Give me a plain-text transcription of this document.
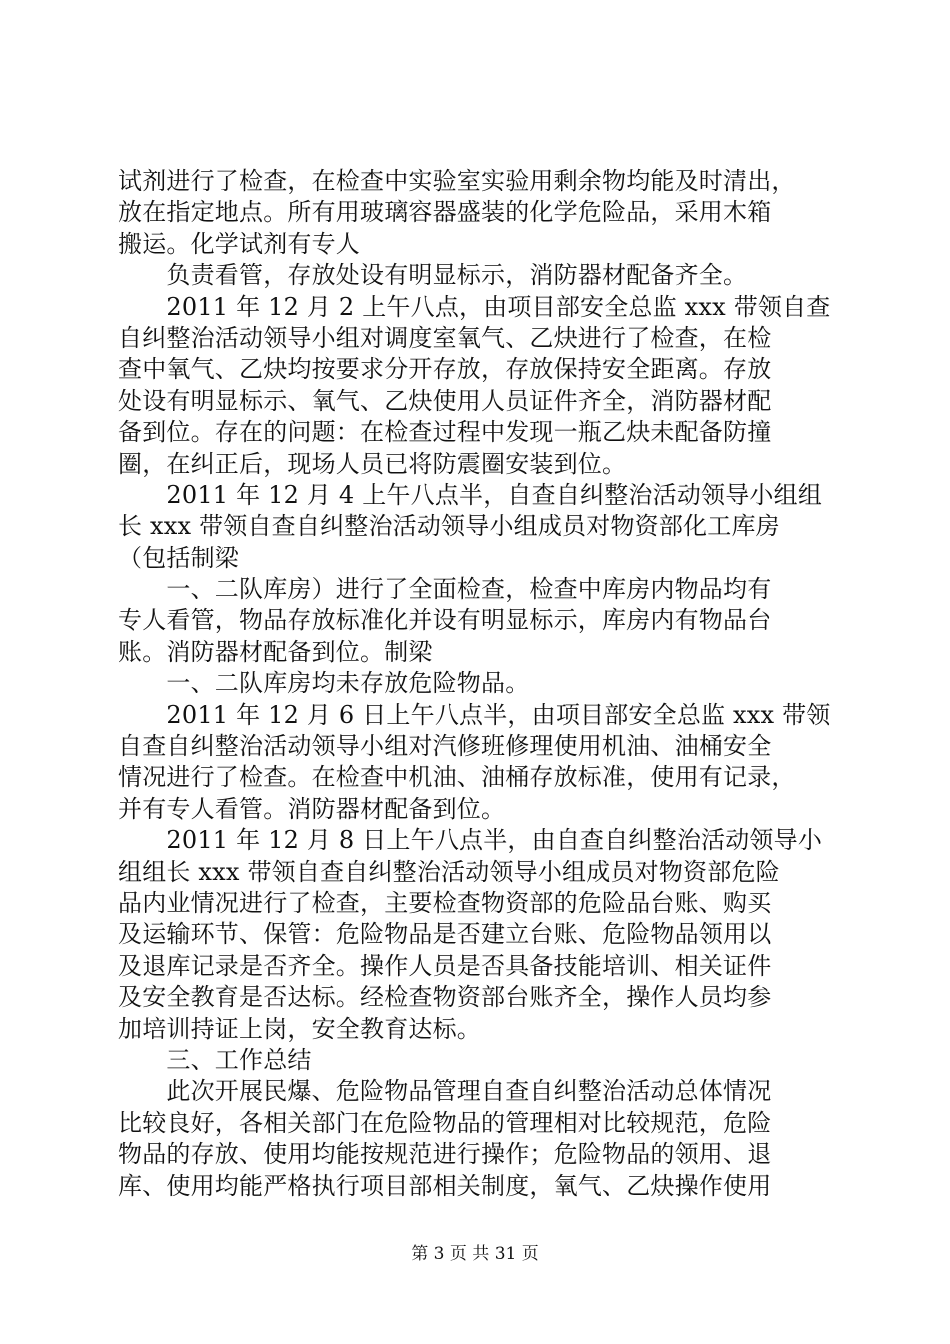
试剂进行了检查，在检查中实验室实验用剩余物均能及时清出，
放在指定地点。所有用玻璃容器盛装的化学危险品，采用木箱
搬运。化学试剂有专人
　　负责看管，存放处设有明显标示，消防器材配备齐全。
　　2011 年 12 月 2 上午八点，由项目部安全总监 xxx 带领自查
自纠整治活动领导小组对调度室氧气、乙炔进行了检查，在检
查中氧气、乙炔均按要求分开存放，存放保持安全距离。存放
处设有明显标示、氧气、乙炔使用人员证件齐全，消防器材配
备到位。存在的问题：在检查过程中发现一瓶乙炔未配备防撞
圈，在纠正后，现场人员已将防震圈安装到位。
　　2011 年 12 月 4 上午八点半，自查自纠整治活动领导小组组
长 xxx 带领自查自纠整治活动领导小组成员对物资部化工库房
（包括制梁
　　一、二队库房）进行了全面检查，检查中库房内物品均有
专人看管，物品存放标准化并设有明显标示，库房内有物品台
账。消防器材配备到位。制梁
　　一、二队库房均未存放危险物品。
　　2011 年 12 月 6 日上午八点半，由项目部安全总监 xxx 带领
自查自纠整治活动领导小组对汽修班修理使用机油、油桶安全
情况进行了检查。在检查中机油、油桶存放标准，使用有记录，
并有专人看管。消防器材配备到位。
　　2011 年 12 月 8 日上午八点半，由自查自纠整治活动领导小
组组长 xxx 带领自查自纠整治活动领导小组成员对物资部危险
品内业情况进行了检查，主要检查物资部的危险品台账、购买
及运输环节、保管：危险物品是否建立台账、危险物品领用以
及退库记录是否齐全。操作人员是否具备技能培训、相关证件
及安全教育是否达标。经检查物资部台账齐全，操作人员均参
加培训持证上岗，安全教育达标。
　　三、工作总结
　　此次开展民爆、危险物品管理自查自纠整治活动总体情况
比较良好，各相关部门在危险物品的管理相对比较规范，危险
物品的存放、使用均能按规范进行操作；危险物品的领用、退
库、使用均能严格执行项目部相关制度，氧气、乙炔操作使用
第 3 页 共 31 页
